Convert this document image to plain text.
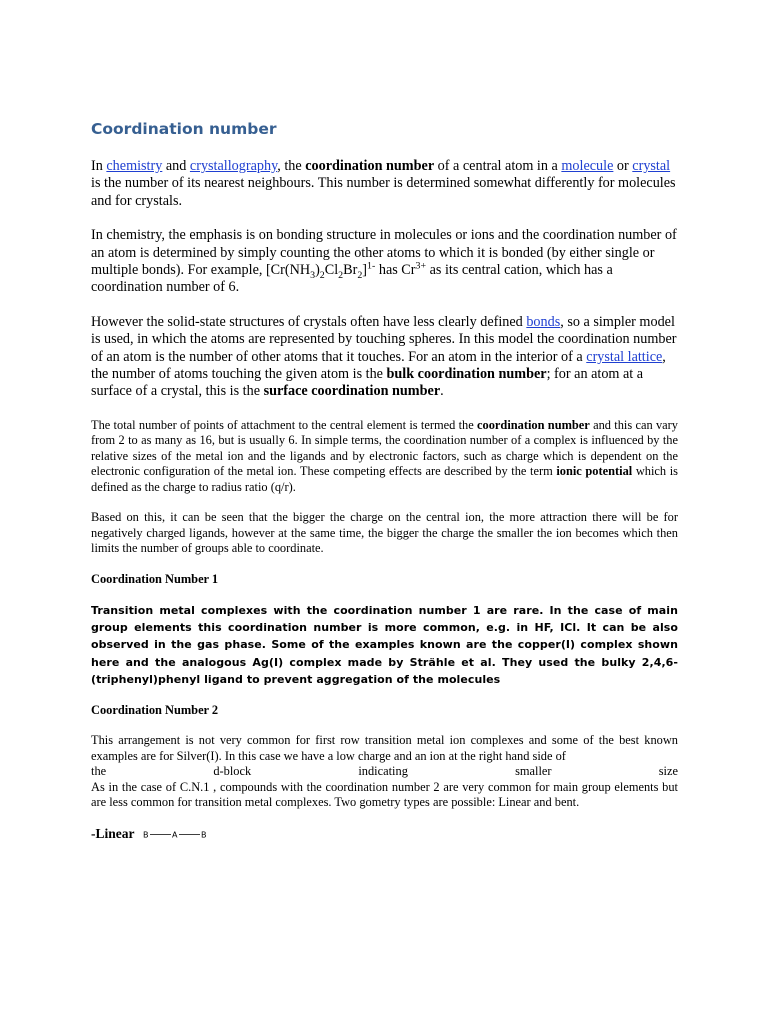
Coordination number

In chemistry and crystallography, the coordination number of a central atom in a molecule or crystal is the number of its nearest neighbours. This number is determined somewhat differently for molecules and for crystals.

In chemistry, the emphasis is on bonding structure in molecules or ions and the coordination number of an atom is determined by simply counting the other atoms to which it is bonded (by either single or multiple bonds). For example, $[Cr(NH_3)_2Cl_2Br_2]^{1-}$ has $Cr^{3+}$ as its central cation, which has a coordination number of 6.

However the solid-state structures of crystals often have less clearly defined bonds, so a simpler model is used, in which the atoms are represented by touching spheres. In this model the coordination number of an atom is the number of other atoms that it touches. For an atom in the interior of a crystal lattice, the number of atoms touching the given atom is the bulk coordination number; for an atom at a surface of a crystal, this is the surface coordination number.

The total number of points of attachment to the central element is termed the coordination number and this can vary from 2 to as many as 16, but is usually 6. In simple terms, the coordination number of a complex is influenced by the relative sizes of the metal ion and the ligands and by electronic factors, such as charge which is dependent on the electronic configuration of the metal ion. These competing effects are described by the term ionic potential which is defined as the charge to radius ratio (q/r).

Based on this, it can be seen that the bigger the charge on the central ion, the more attraction there will be for negatively charged ligands, however at the same time, the bigger the charge the smaller the ion becomes which then limits the number of groups able to coordinate.

Coordination Number 1

Transition metal complexes with the coordination number 1 are rare. In the case of main group elements this coordination number is more common, e.g. in HF, ICl. It can be also observed in the gas phase. Some of the examples known are the copper(I) complex shown here and the analogous Ag(I) complex made by Strähle et al. They used the bulky 2,4,6-(triphenyl)phenyl ligand to prevent aggregation of the molecules

Coordination Number 2

This arrangement is not very common for first row transition metal ion complexes and some of the best known examples are for Silver(I). In this case we have a low charge and an ion at the right hand side of

the	d-block	indicating	smaller	size

As in the case of C.N.1 , compounds with the coordination number 2 are very common for main group elements but are less common for transition metal complexes. Two gometry types are possible: Linear and bent.

-Linear B	A	B
